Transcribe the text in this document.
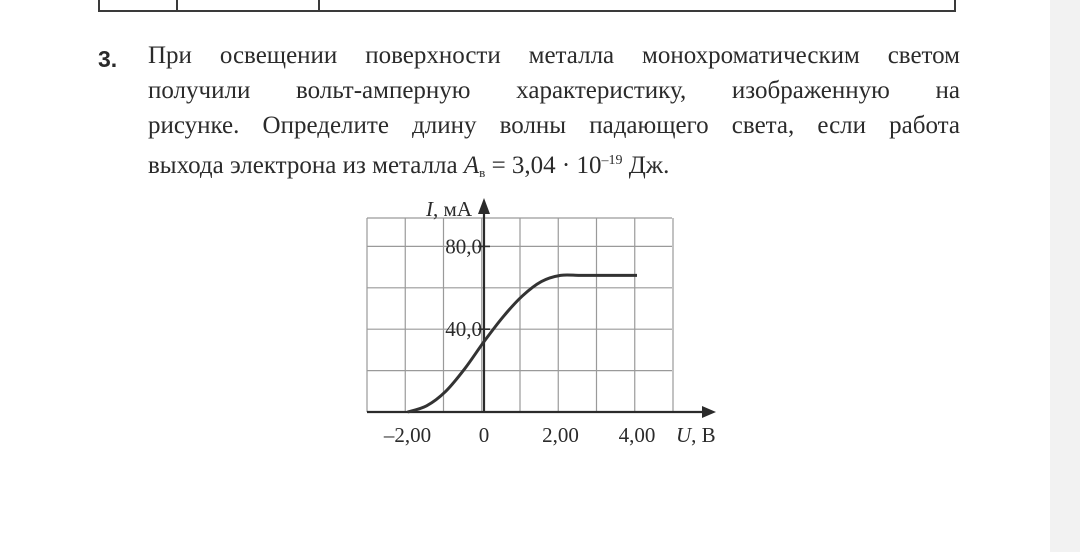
3. При освещении поверхности металла монохроматическим светом
получили вольт-амперную характеристику, изображенную на
рисунке. Определите длину волны падающего света, если работа
выхода электрона из металла $A_в = 3,04 \cdot 10^{-19}$ Дж.

–2,00 0	2,00 4,00
40,0
80,0
I, мА
U, В
